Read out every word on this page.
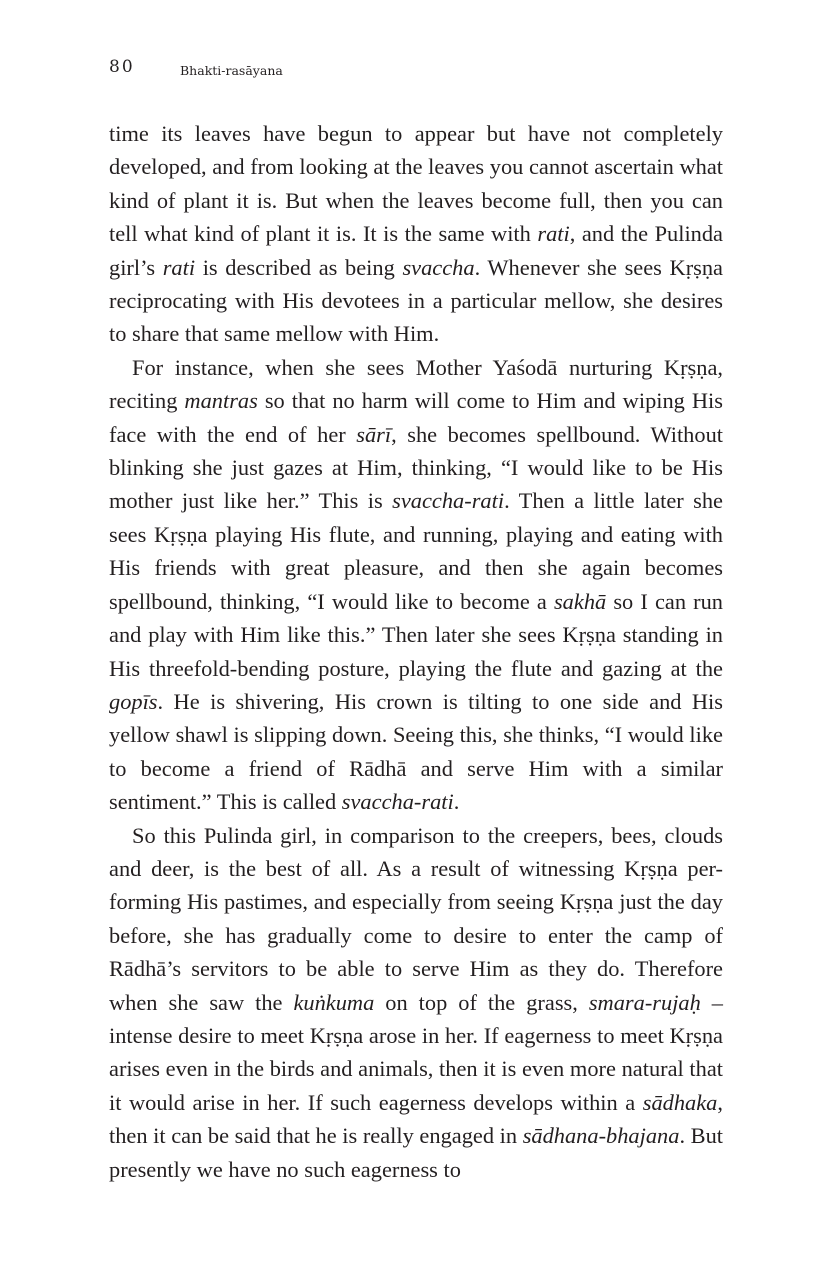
80	Bhakti-rasāyana

time its leaves have begun to appear but have not completely developed, and from looking at the leaves you cannot ascertain what kind of plant it is. But when the leaves become full, then you can tell what kind of plant it is. It is the same with rati, and the Pulinda girl’s rati is described as being svaccha. Whenever she sees Kṛṣṇa reciprocating with His devotees in a particular mellow, she desires to share that same mellow with Him.

For instance, when she sees Mother Yaśodā nurturing Kṛṣṇa, reciting mantras so that no harm will come to Him and wiping His face with the end of her sārī, she becomes spellbound. Without blinking she just gazes at Him, thinking, “I would like to be His mother just like her.” This is svaccha-rati. Then a little later she sees Kṛṣṇa playing His flute, and running, playing and eating with His friends with great pleasure, and then she again becomes spellbound, thinking, “I would like to become a sakhā so I can run and play with Him like this.” Then later she sees Kṛṣṇa standing in His threefold-bending posture, playing the flute and gazing at the gopīs. He is shivering, His crown is tilting to one side and His yellow shawl is slipping down. Seeing this, she thinks, “I would like to become a friend of Rādhā and serve Him with a similar sentiment.” This is called svaccha-rati.

So this Pulinda girl, in comparison to the creepers, bees, clouds and deer, is the best of all. As a result of witnessing Kṛṣṇa per-forming His pastimes, and especially from seeing Kṛṣṇa just the day before, she has gradually come to desire to enter the camp of Rādhā’s servitors to be able to serve Him as they do. Therefore when she saw the kuṅkuma on top of the grass, smara-rujaḥ – intense desire to meet Kṛṣṇa arose in her. If eagerness to meet Kṛṣṇa arises even in the birds and animals, then it is even more natural that it would arise in her. If such eagerness develops within a sādhaka, then it can be said that he is really engaged in sādhana-bhajana. But presently we have no such eagerness to
